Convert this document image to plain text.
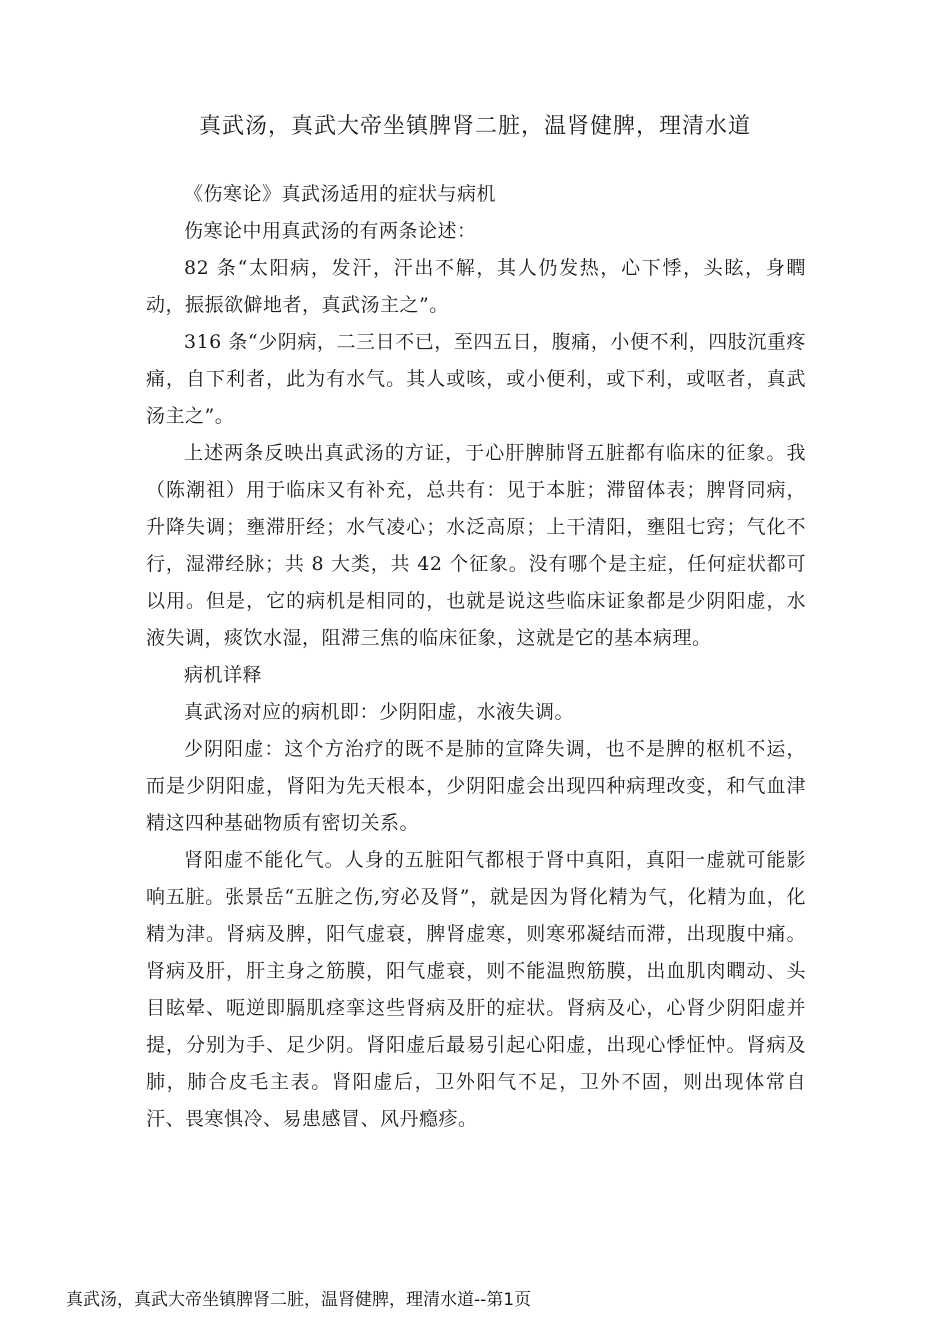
真武汤，真武大帝坐镇脾肾二脏，温肾健脾，理清水道

《伤寒论》真武汤适用的症状与病机

伤寒论中用真武汤的有两条论述：

82 条“太阳病，发汗，汗出不解，其人仍发热，心下悸，头眩，身瞤动，振振欲僻地者，真武汤主之”。

316 条“少阴病，二三日不已，至四五日，腹痛，小便不利，四肢沉重疼痛，自下利者，此为有水气。其人或咳，或小便利，或下利，或呕者，真武汤主之”。

上述两条反映出真武汤的方证，于心肝脾肺肾五脏都有临床的征象。我（陈潮祖）用于临床又有补充，总共有：见于本脏；滞留体表；脾肾同病，升降失调；壅滞肝经；水气凌心；水泛高原；上干清阳，壅阻七窍；气化不行，湿滞经脉；共 8 大类，共 42 个征象。没有哪个是主症，任何症状都可以用。但是，它的病机是相同的，也就是说这些临床证象都是少阴阳虚，水液失调，痰饮水湿，阻滞三焦的临床征象，这就是它的基本病理。

病机详释

真武汤对应的病机即：少阴阳虚，水液失调。

少阴阳虚：这个方治疗的既不是肺的宣降失调，也不是脾的枢机不运，而是少阴阳虚，肾阳为先天根本，少阴阳虚会出现四种病理改变，和气血津精这四种基础物质有密切关系。

肾阳虚不能化气。人身的五脏阳气都根于肾中真阳，真阳一虚就可能影响五脏。张景岳“五脏之伤,穷必及肾”，就是因为肾化精为气，化精为血，化精为津。肾病及脾，阳气虚衰，脾肾虚寒，则寒邪凝结而滞，出现腹中痛。肾病及肝，肝主身之筋膜，阳气虚衰，则不能温煦筋膜，出血肌肉瞤动、头目眩晕、呃逆即膈肌痉挛这些肾病及肝的症状。肾病及心，心肾少阴阳虚并提，分别为手、足少阴。肾阳虚后最易引起心阳虚，出现心悸怔忡。肾病及肺，肺合皮毛主表。肾阳虚后，卫外阳气不足，卫外不固，则出现体常自汗、畏寒惧冷、易患感冒、风丹瘾疹。

真武汤，真武大帝坐镇脾肾二脏，温肾健脾，理清水道--第1页
